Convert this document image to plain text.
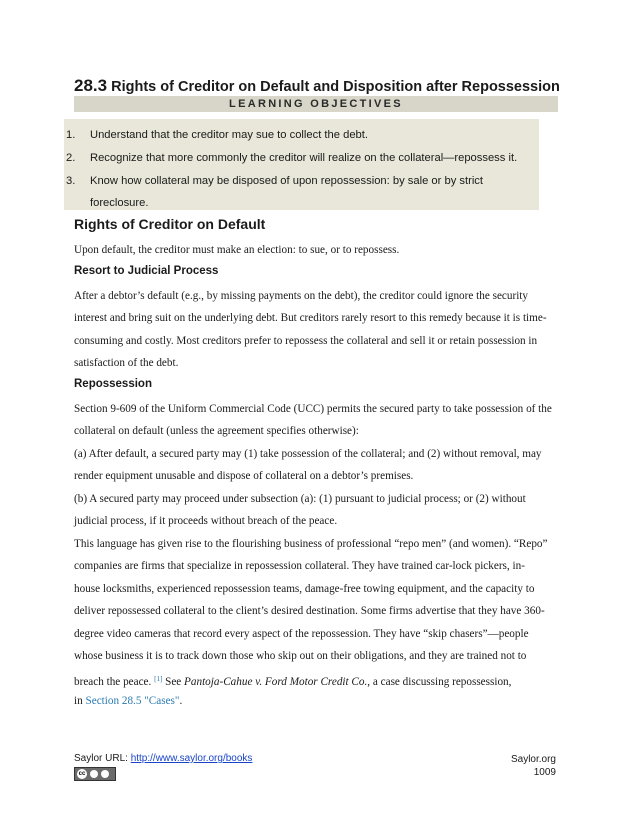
28.3 Rights of Creditor on Default and Disposition after Repossession
LEARNING OBJECTIVES
1.	Understand that the creditor may sue to collect the debt.
2.	Recognize that more commonly the creditor will realize on the collateral—repossess it.
3.	Know how collateral may be disposed of upon repossession: by sale or by strict
foreclosure.
Rights of Creditor on Default
Upon default, the creditor must make an election: to sue, or to repossess.
Resort to Judicial Process
After a debtor’s default (e.g., by missing payments on the debt), the creditor could ignore the security
interest and bring suit on the underlying debt. But creditors rarely resort to this remedy because it is time-
consuming and costly. Most creditors prefer to repossess the collateral and sell it or retain possession in
satisfaction of the debt.
Repossession
Section 9-609 of the Uniform Commercial Code (UCC) permits the secured party to take possession of the
collateral on default (unless the agreement specifies otherwise):
(a) After default, a secured party may (1) take possession of the collateral; and (2) without removal, may
render equipment unusable and dispose of collateral on a debtor’s premises.
(b) A secured party may proceed under subsection (a): (1) pursuant to judicial process; or (2) without
judicial process, if it proceeds without breach of the peace.
This language has given rise to the flourishing business of professional “repo men” (and women). “Repo”
companies are firms that specialize in repossession collateral. They have trained car-lock pickers, in-
house locksmiths, experienced repossession teams, damage-free towing equipment, and the capacity to
deliver repossessed collateral to the client’s desired destination. Some firms advertise that they have 360-
degree video cameras that record every aspect of the repossession. They have “skip chasers”—people
whose business it is to track down those who skip out on their obligations, and they are trained not to
breach the peace. [1] See Pantoja-Cahue v. Ford Motor Credit Co., a case discussing repossession,
in Section 28.5 "Cases".
Saylor URL: http://www.saylor.org/books
cc
Saylor.org
1009
